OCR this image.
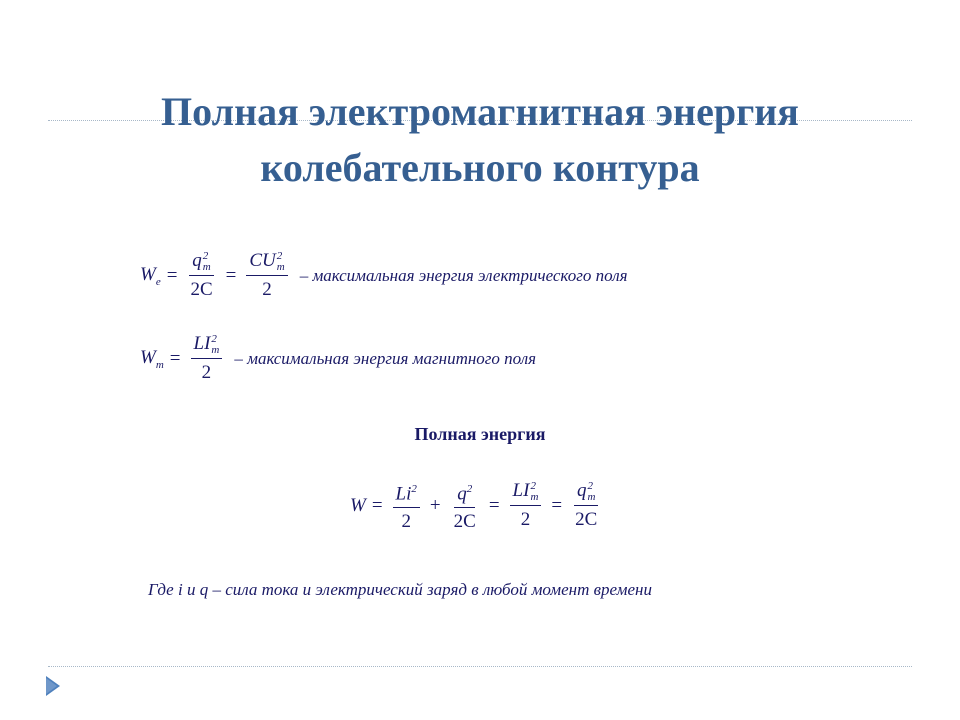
Полная электромагнитная энергия
колебательного контура
$W_e = q$ 2
m
2C = CU 2
m
2 – максимальная энергия электрического поля
$W_m$ = LI 2
m
2 – максимальная энергия магнитного поля
Полная энергия
$W = \frac{Li^2}{2} + \frac{q^2}{2C}$ = LI 2
m
2 = q 2
m
2C
Где i и q – сила тока и электрический заряд в любой момент времени
